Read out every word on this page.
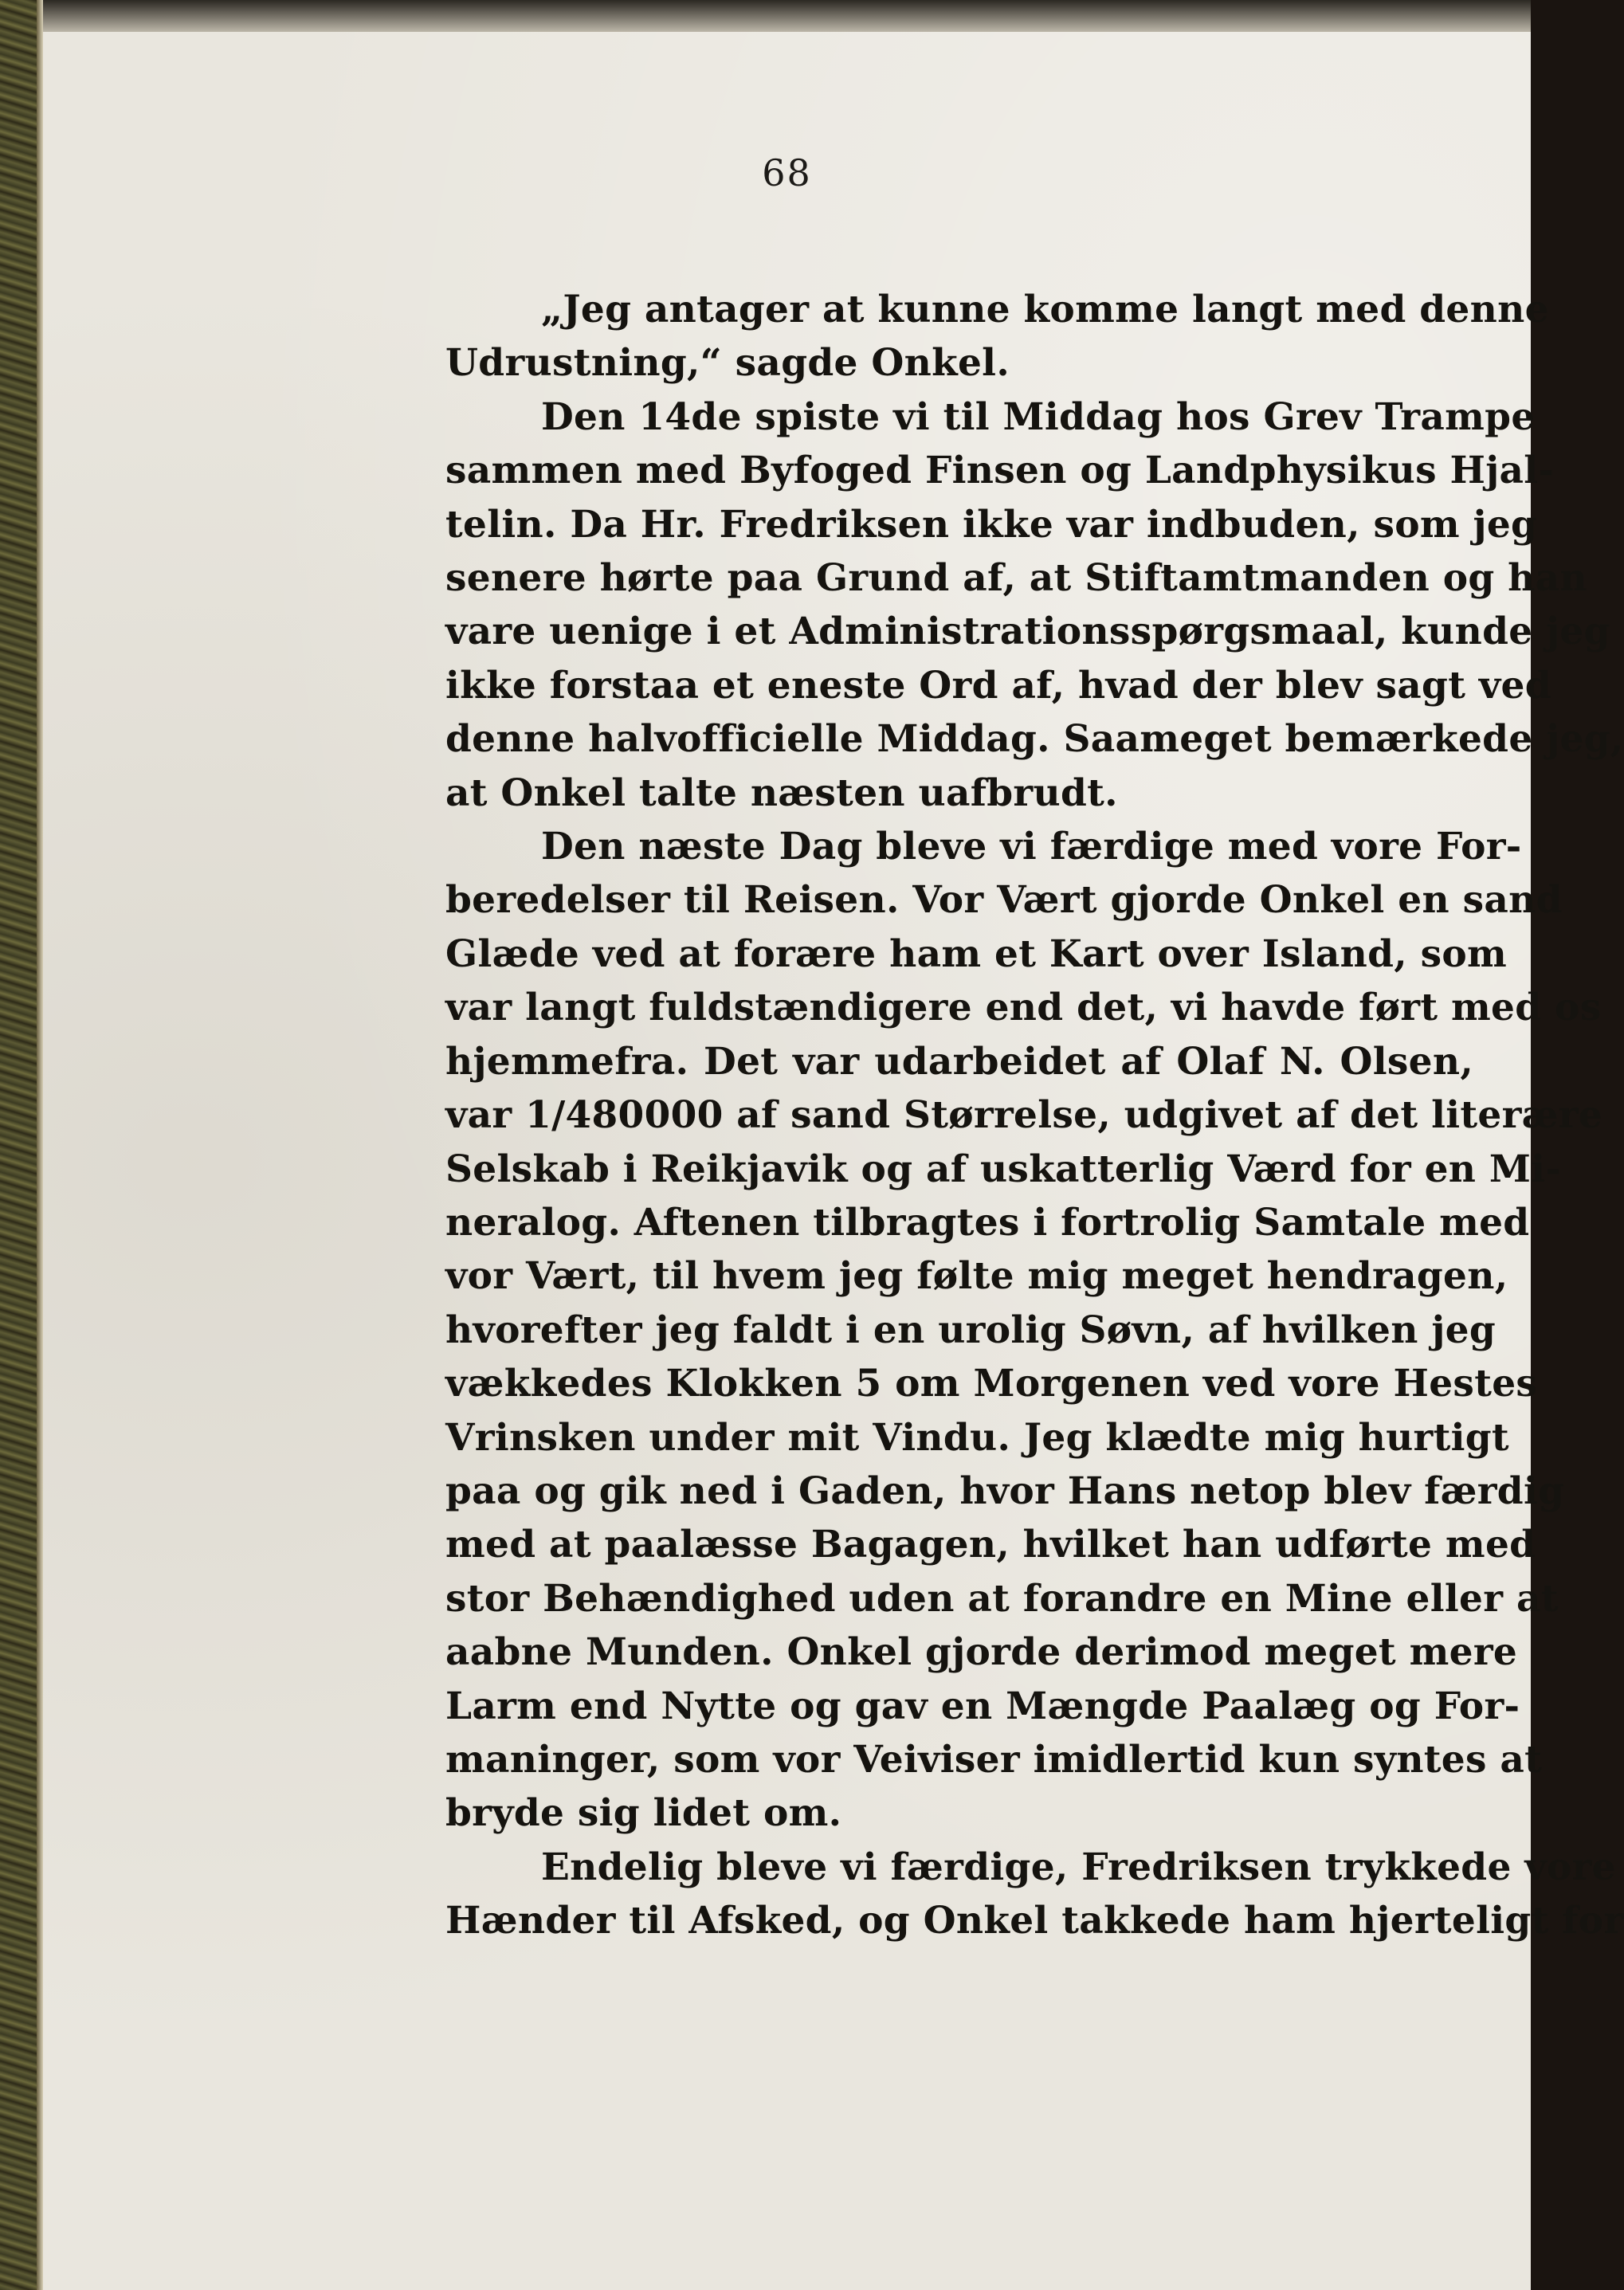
68
„Jeg antager at kunne komme langt med denne
Udrustning,“ sagde Onkel.
Den 14de spiste vi til Middag hos Grev Trampe
sammen med Byfoged Finsen og Landphysikus Hjal-
telin. Da Hr. Fredriksen ikke var indbuden, som jeg
senere hørte paa Grund af, at Stiftamtmanden og han
vare uenige i et Administrationsspørgsmaal, kunde jeg
ikke forstaa et eneste Ord af, hvad der blev sagt ved
denne halvofficielle Middag. Saameget bemærkede jeg,
at Onkel talte næsten uafbrudt.
Den næste Dag bleve vi færdige med vore For-
beredelser til Reisen. Vor Vært gjorde Onkel en sand
Glæde ved at forære ham et Kart over Island, som
var langt fuldstændigere end det, vi havde ført med os
hjemmefra. Det var udarbeidet af Olaf N. Olsen,
var 1/480000 af sand Størrelse, udgivet af det literære
Selskab i Reikjavik og af uskatterlig Værd for en Mi-
neralog. Aftenen tilbragtes i fortrolig Samtale med
vor Vært, til hvem jeg følte mig meget hendragen,
hvorefter jeg faldt i en urolig Søvn, af hvilken jeg
vækkedes Klokken 5 om Morgenen ved vore Hestes
Vrinsken under mit Vindu. Jeg klædte mig hurtigt
paa og gik ned i Gaden, hvor Hans netop blev færdig
med at paalæsse Bagagen, hvilket han udførte med
stor Behændighed uden at forandre en Mine eller at
aabne Munden. Onkel gjorde derimod meget mere
Larm end Nytte og gav en Mængde Paalæg og For-
maninger, som vor Veiviser imidlertid kun syntes at
bryde sig lidet om.
Endelig bleve vi færdige, Fredriksen trykkede vore
Hænder til Afsked, og Onkel takkede ham hjerteligt for
